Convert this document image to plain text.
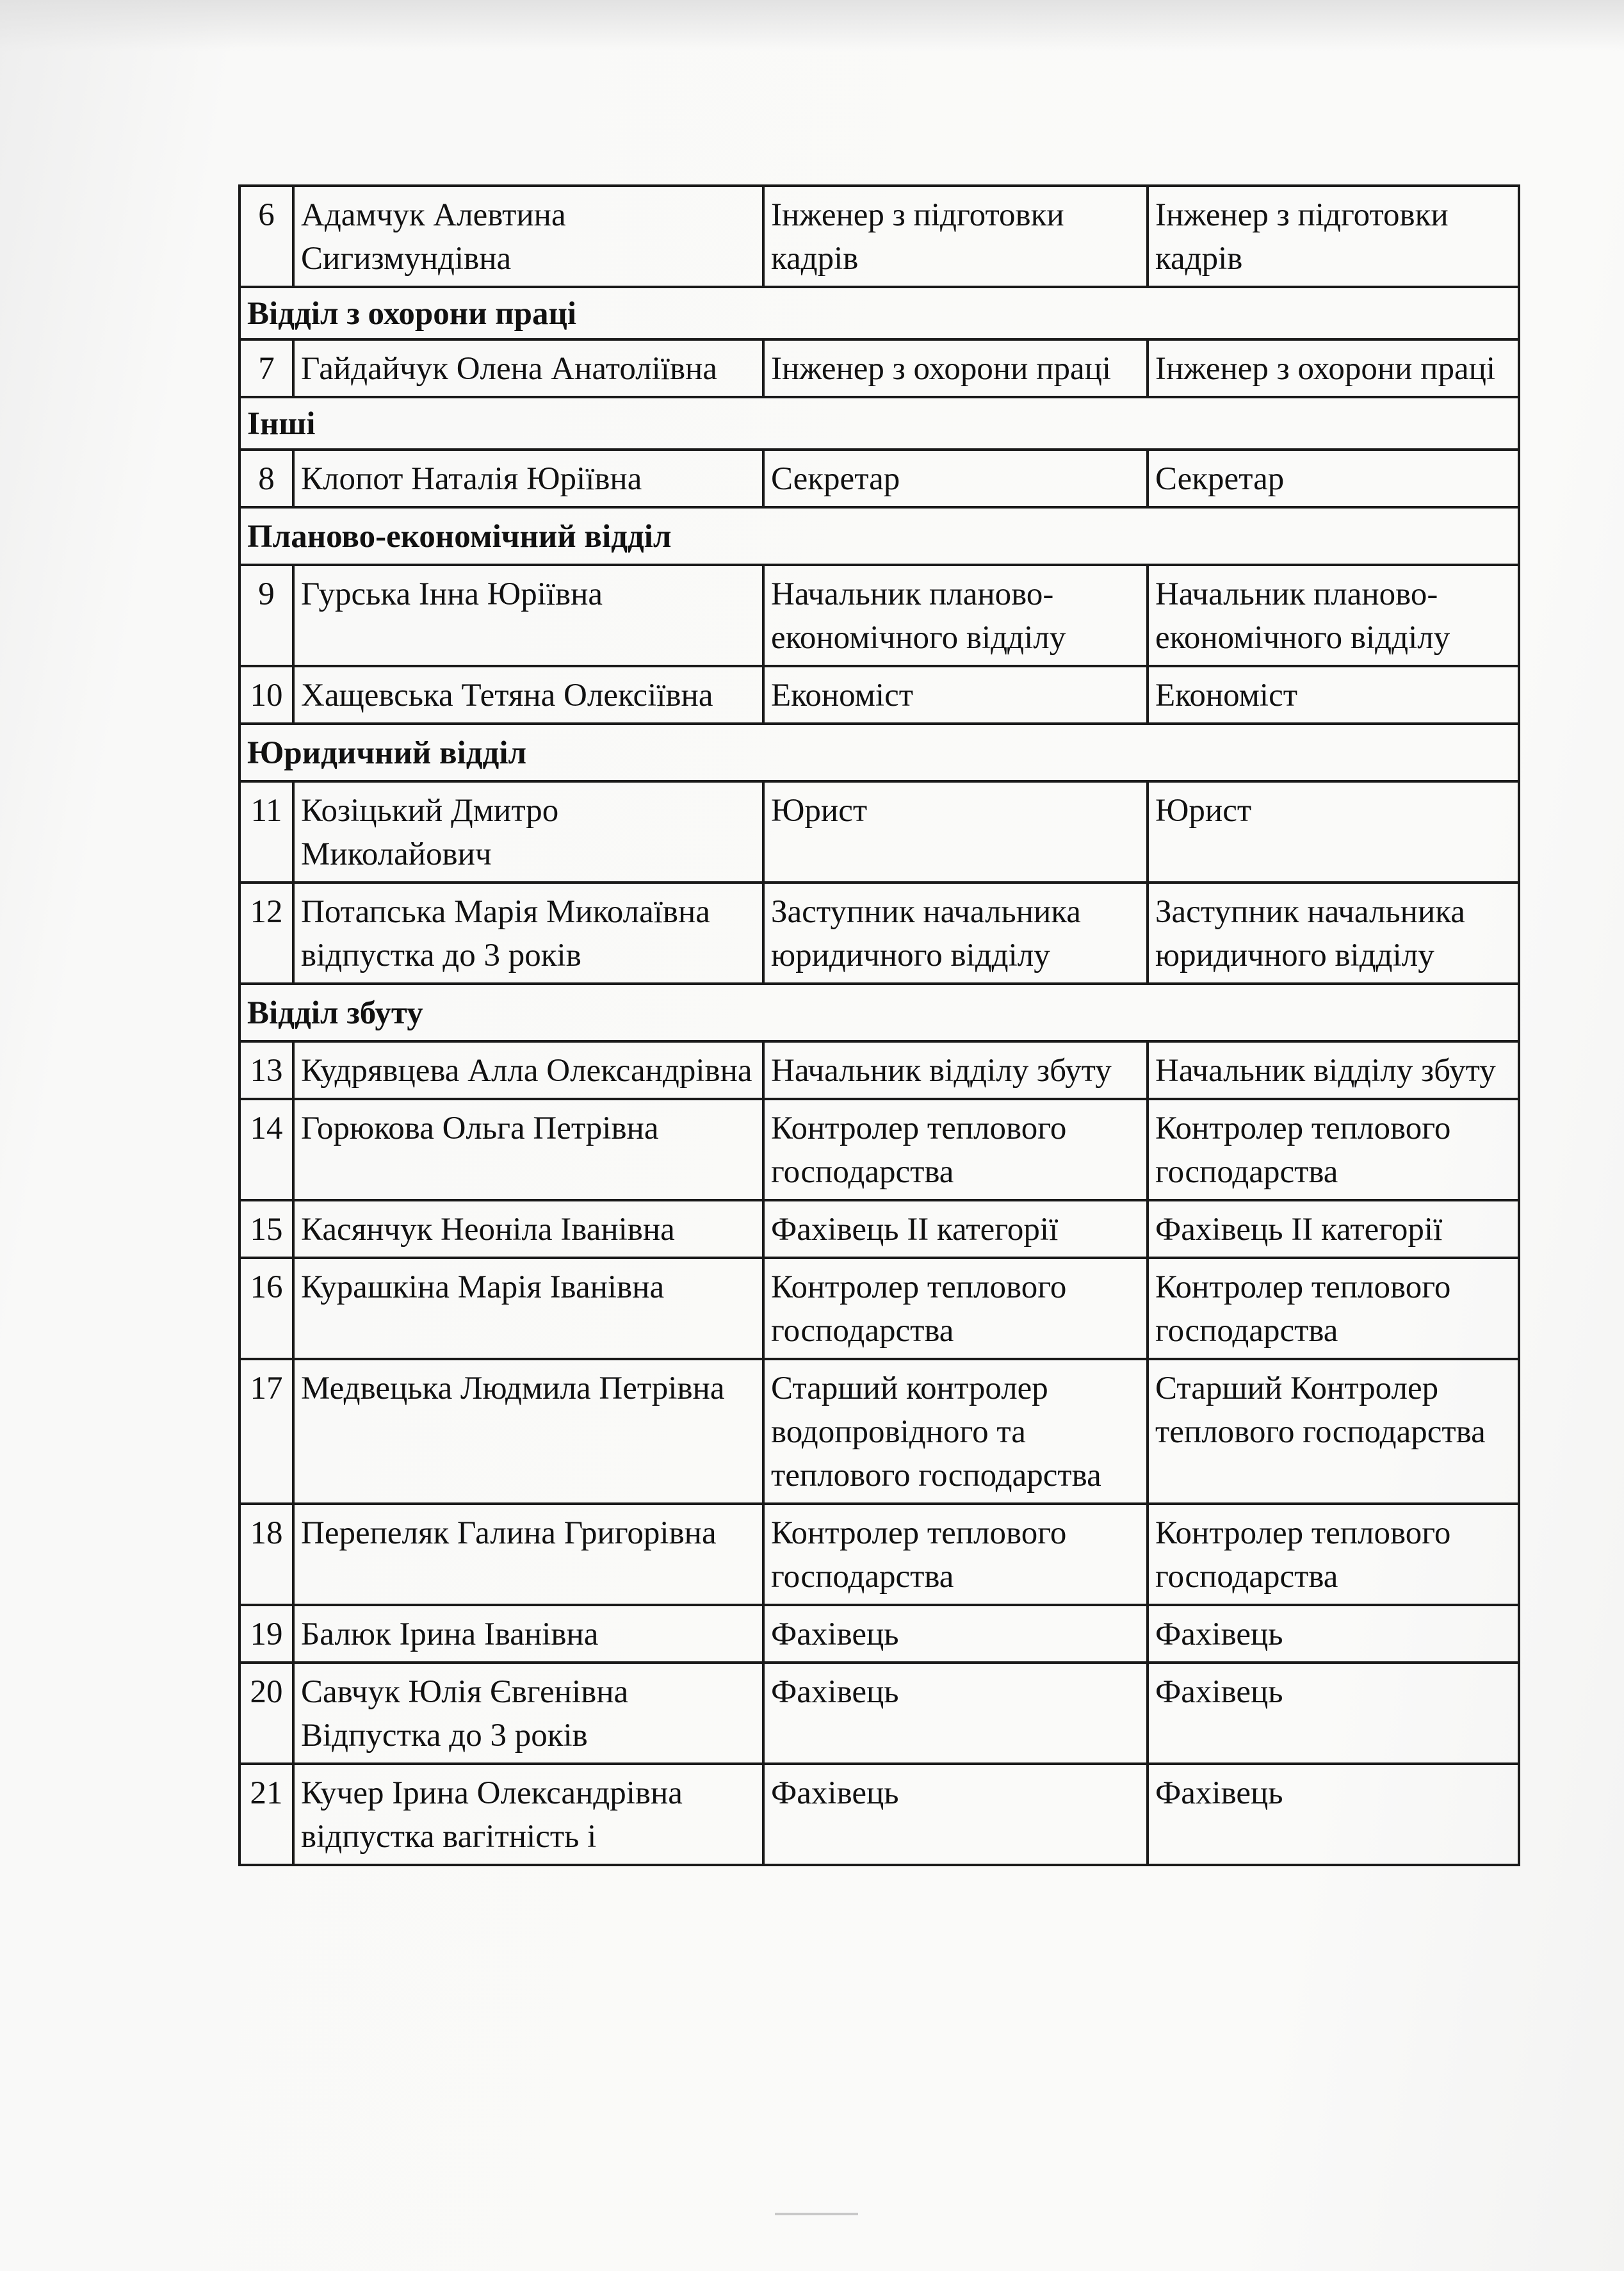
6	Адамчук Алевтина Сигизмундівна	Інженер з підготовки кадрів	Інженер з підготовки кадрів
Відділ з охорони праці			
7	Гайдайчук Олена Анатоліївна	Інженер з охорони праці	Інженер з охорони праці
Інші			
8	Клопот Наталія Юріївна	Секретар	Секретар
Планово-економічний відділ			
9	Гурська Інна Юріївна	Начальник планово-економічного відділу	Начальник планово-економічного відділу
10	Хащевська Тетяна Олексіївна	Економіст	Економіст
Юридичний відділ			
11	Козіцький Дмитро Миколайович	Юрист	Юрист
12	Потапська Марія Миколаївна відпустка до 3 років	Заступник начальника юридичного відділу	Заступник начальника юридичного відділу
Відділ збуту			
13	Кудрявцева Алла Олександрівна	Начальник відділу збуту	Начальник відділу збуту
14	Горюкова Ольга Петрівна	Контролер теплового господарства	Контролер теплового господарства
15	Касянчук Неоніла Іванівна	Фахівець ІІ категорії	Фахівець ІІ категорії
16	Курашкіна Марія Іванівна	Контролер теплового господарства	Контролер теплового господарства
17	Медвецька Людмила Петрівна	Старший контролер водопровідного та теплового господарства	Старший Контролер теплового господарства
18	Перепеляк Галина Григорівна	Контролер теплового господарства	Контролер теплового господарства
19	Балюк Ірина Іванівна	Фахівець	Фахівець
20	Савчук Юлія Євгенівна Відпустка до 3 років	Фахівець	Фахівець
21	Кучер Ірина Олександрівна відпустка вагітність і	Фахівець	Фахівець
